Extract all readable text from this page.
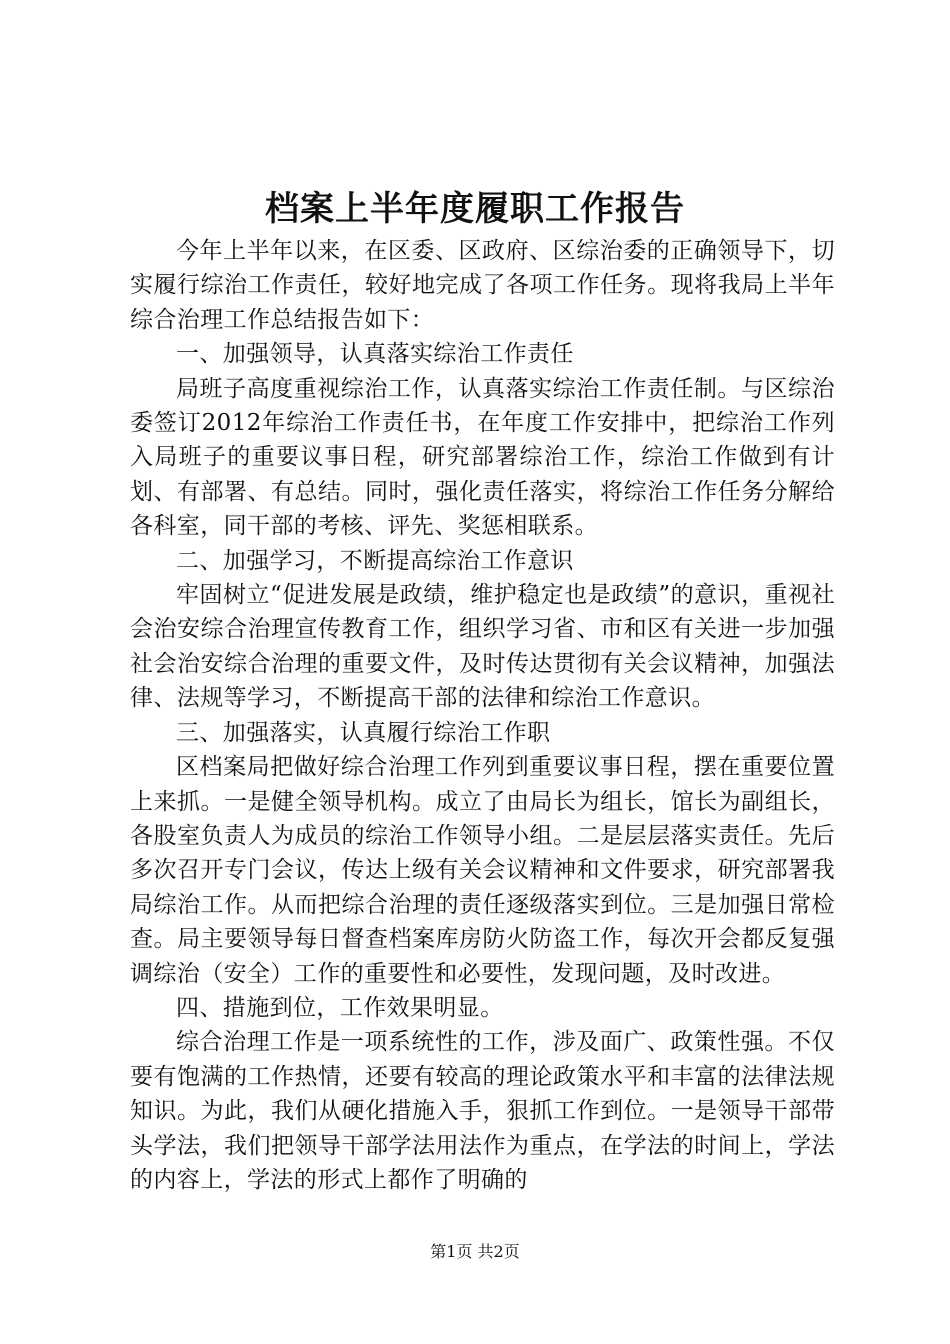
档案上半年度履职工作报告

今年上半年以来，在区委、区政府、区综治委的正确领导下，切实履行综治工作责任，较好地完成了各项工作任务。现将我局上半年综合治理工作总结报告如下：

一、加强领导，认真落实综治工作责任

局班子高度重视综治工作，认真落实综治工作责任制。与区综治委签订2012年综治工作责任书，在年度工作安排中，把综治工作列入局班子的重要议事日程，研究部署综治工作，综治工作做到有计划、有部署、有总结。同时，强化责任落实，将综治工作任务分解给各科室，同干部的考核、评先、奖惩相联系。

二、加强学习，不断提高综治工作意识

牢固树立“促进发展是政绩，维护稳定也是政绩”的意识，重视社会治安综合治理宣传教育工作，组织学习省、市和区有关进一步加强社会治安综合治理的重要文件，及时传达贯彻有关会议精神，加强法律、法规等学习，不断提高干部的法律和综治工作意识。

三、加强落实，认真履行综治工作职

区档案局把做好综合治理工作列到重要议事日程，摆在重要位置上来抓。一是健全领导机构。成立了由局长为组长，馆长为副组长，各股室负责人为成员的综治工作领导小组。二是层层落实责任。先后多次召开专门会议，传达上级有关会议精神和文件要求，研究部署我局综治工作。从而把综合治理的责任逐级落实到位。三是加强日常检查。局主要领导每日督查档案库房防火防盗工作，每次开会都反复强调综治（安全）工作的重要性和必要性，发现问题，及时改进。

四、措施到位，工作效果明显。

综合治理工作是一项系统性的工作，涉及面广、政策性强。不仅要有饱满的工作热情，还要有较高的理论政策水平和丰富的法律法规知识。为此，我们从硬化措施入手，狠抓工作到位。一是领导干部带头学法，我们把领导干部学法用法作为重点，在学法的时间上，学法的内容上，学法的形式上都作了明确的

第1页 共2页
